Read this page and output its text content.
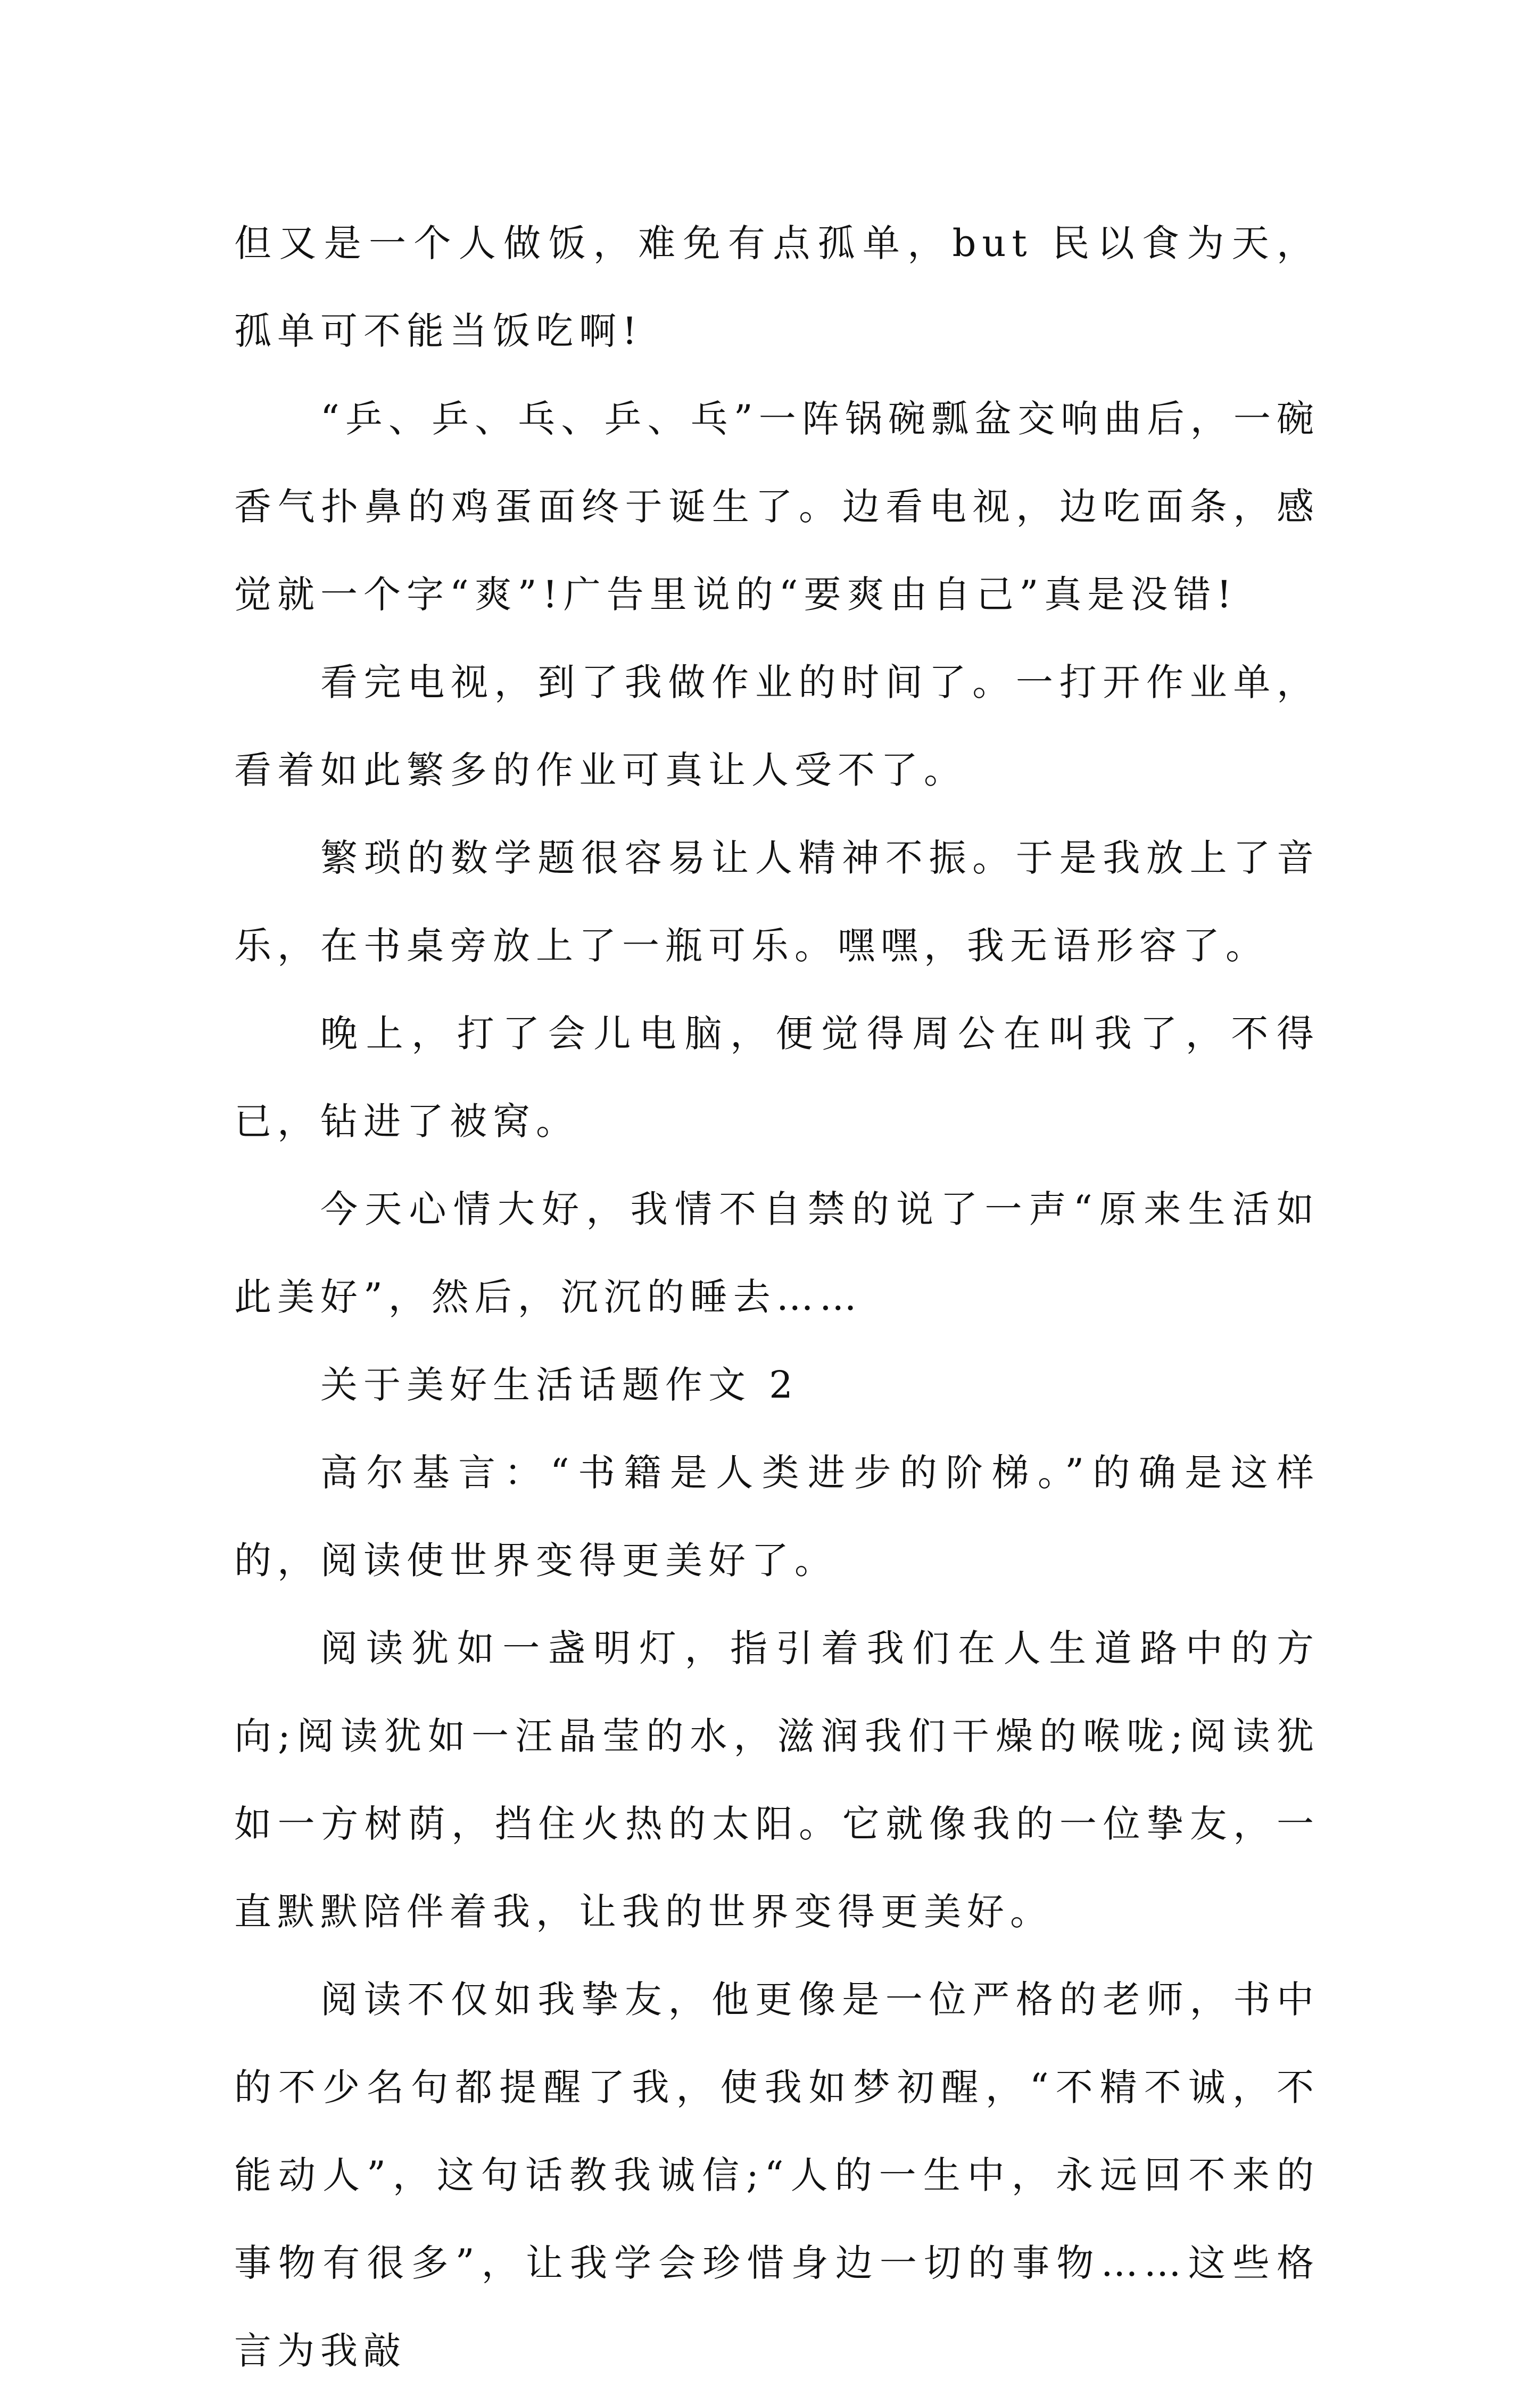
但又是一个人做饭，难免有点孤单，but 民以食为天，孤单可不能当饭吃啊!

“乒、乒、乓、乒、乓”一阵锅碗瓢盆交响曲后，一碗香气扑鼻的鸡蛋面终于诞生了。边看电视，边吃面条，感觉就一个字“爽”!广告里说的“要爽由自己”真是没错!

看完电视，到了我做作业的时间了。一打开作业单，看着如此繁多的作业可真让人受不了。

繁琐的数学题很容易让人精神不振。于是我放上了音乐，在书桌旁放上了一瓶可乐。嘿嘿，我无语形容了。

晚上，打了会儿电脑，便觉得周公在叫我了，不得已，钻进了被窝。

今天心情大好，我情不自禁的说了一声“原来生活如此美好”，然后，沉沉的睡去……

关于美好生活话题作文 2

高尔基言：“书籍是人类进步的阶梯。”的确是这样的，阅读使世界变得更美好了。

阅读犹如一盏明灯，指引着我们在人生道路中的方向;阅读犹如一汪晶莹的水，滋润我们干燥的喉咙;阅读犹如一方树荫，挡住火热的太阳。它就像我的一位挚友，一直默默陪伴着我，让我的世界变得更美好。

阅读不仅如我挚友，他更像是一位严格的老师，书中的不少名句都提醒了我，使我如梦初醒，“不精不诚，不能动人”，这句话教我诚信;“人的一生中，永远回不来的事物有很多”，让我学会珍惜身边一切的事物……这些格言为我敲
